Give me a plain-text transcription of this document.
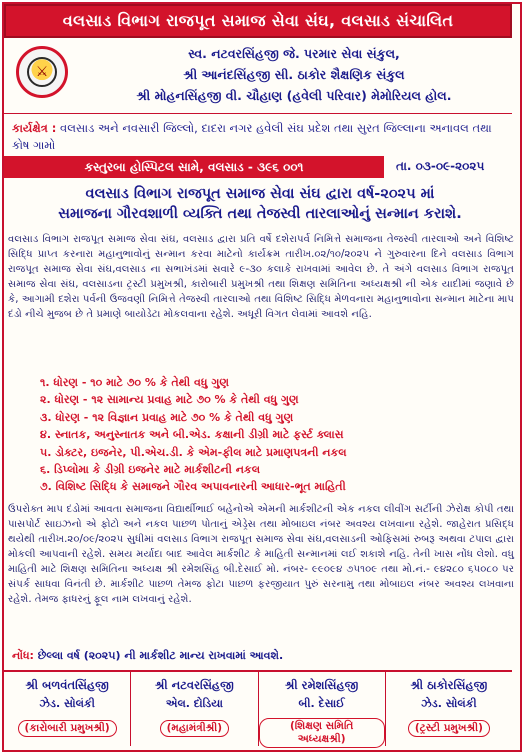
વલસાડ વિભાગ રાજપૂત સમાજ સેવા સંઘ, વલસાડ સંચાલિત
⚔
સ્વ. નટવરસિંહજી જે. પરમાર સેવા સંકુલ,
શ્રી આનંદસિંહજી સી. ઠાકોર શૈક્ષણિક સંકુલ
શ્રી મોહનસિંહજી વી. ચૌહાણ (હવેલી પરિવાર) મેમોરિયલ હોલ.
કાર્યક્ષેત્ર : વલસાડ અને નવસારી જિલ્લો, દાદરા નગર હવેલી સંઘ પ્રદેશ તથા સુરત જિલ્લાના અનાવલ તથા કોષ ગામો
કસ્તુરબા હોસ્પિટલ સામે, વલસાડ - ૩૯૬ ૦૦૧	તા. ૦૩-૦૯-૨૦૨૫
વલસાડ વિભાગ રાજપૂત સમાજ સેવા સંઘ દ્વારા વર્ષ-૨૦૨૫ માં
સમાજના ગૌરવશાળી વ્યક્તિ તથા તેજસ્વી તારલાઓનું સન્માન કરાશે.
વલસાડ વિભાગ રાજપૂત સમાજ સેવા સંઘ, વલસાડ દ્વારા પ્રતિ વર્ષે દશેરાપર્વ નિમિત્તે સમાજના તેજસ્વી તારલાઓ અને વિશિષ્ટ સિદ્ધિ પ્રાપ્ત કરનારા મહાનુભાવોનું સન્માન કરવા માટેનો કાર્યક્રમ તારીખ.૦૨/૧૦/૨૦૨૫ ને ગુરુવારના દિને વલસાડ વિભાગ રાજપૂત સમાજ સેવા સંઘ,વલસાડ ના સભાખંડમાં સવારે ૯-૩૦ કલાકે રાખવામાં આવેલ છે. તે અંગે વલસાડ વિભાગ રાજપૂત સમાજ સેવા સંઘ, વલસાડના ટ્રસ્ટી પ્રમુખશ્રી, કારોબારી પ્રમુખશ્રી તથા શિક્ષણ સમિતિના અધ્યક્ષશ્રી ની એક યાદીમાં જણાવે છે કે, આગામી દશેરા પર્વની ઉજવણી નિમિત્તે તેજસ્વી તારલાઓ તથા વિશિષ્ટ સિદ્ધિ મેળવનારા મહાનુભાવોના સન્માન માટેના માપ દંડો નીચે મુજબ છે તે પ્રમાણે બાયોડેટા મોકલવાના રહેશે. અધૂરી વિગત લેવામાં આવશે નહિ.
૧. ધોરણ - ૧૦ માટે ૭૦ % કે તેથી વધુ ગુણ
૨. ધોરણ - ૧૨ સામાન્ય પ્રવાહ માટે ૭૦ % કે તેથી વધુ ગુણ
૩. ધોરણ - ૧૨ વિજ્ઞાન પ્રવાહ માટે ૭૦ % કે તેથી વધુ ગુણ
૪. સ્નાતક, અનુસ્નાતક અને બી.એડ. કક્ષાની ડીગ્રી માટે ફર્સ્ટ ક્લાસ
૫. ડોક્ટર, ઇજનેર, પી.એચ.ડી. કે એમ-ફીલ માટે પ્રમાણપત્રની નકલ
૬. ડિપ્લોમા કે ડીગ્રી ઇજનેર માટે માર્કશીટની નકલ
૭. વિશિષ્ટ સિદ્ધિ કે સમાજને ગૌરવ અપાવનારની આધાર-ભૂત માહિતી
ઉપરોક્ત માપ દંડોમાં આવતા સમાજના વિદ્યાર્થીભાઈ બહેનોએ એમની માર્કશીટની એક નકલ લીવીંગ સર્ટીની ઝેરોક્ષ કોપી તથા પાસપોર્ટ સાઇઝનો એ ફોટો અને નકલ પાછળ પોતાનું એડ્રેસ તથા મોબાઇલ નંબર અવશ્ય લખવાના રહેશે. જાહેરાત પ્રસિદ્ધ થયેથી તારીખ.૨૦/૦૯/૨૦૨૫ સુધીમાં વલસાડ વિભાગ રાજપૂત સમાજ સેવા સંઘ,વલસાડની ઓફિસમાં રુબરૂ અથવા ટપાલ દ્વારા મોકલી આપવાની રહેશે. સમય મર્યાદા બાદ આવેલ માર્કશીટ કે માહિતી સન્માનમાં લઈ શકાશે નહિ. તેની ખાસ નોંધ લેશો. વધુ માહિતી માટે શિક્ષણ સમિતિના અધ્યક્ષ શ્રી રમેશસિંહ બી.દેસાઈ મો. નંબર- ૯૯૦૯૪ ૭૫૧૦૯ તથા મો.નં.- ૯૪૨૮૦ ૬૫૦૮૦ પર સંપર્ક સાધવા વિનંતી છે. માર્કશીટ પાછળ તેમજ ફોટા પાછળ ફરજીયાત પુરું સરનામુ તથા મોબાઇલ નંબર અવશ્ય લખવાના રહેશે. તેમજ ફાધરનું ફૂલ નામ લખવાનું રહેશે.
નોંધ: છેલ્લા વર્ષ (૨૦૨૫) ની માર્કશીટ માન્ય રાખવામાં આવશે.
શ્રી બળવંતસિંહજી
ઝેડ. સોલંકી
(કારોબારી પ્રમુખશ્રી)
શ્રી નટવરસિંહજી
એલ. દોડિયા
(મહામંત્રીશ્રી)
શ્રી રમેશસિંહજી
બી. દેસાઈ
(શિક્ષણ સમિતિ અધ્યક્ષશ્રી)
શ્રી ઠાકોરસિંહજી
ઝેડ. સોલંકી
(ટ્રસ્ટી પ્રમુખશ્રી)
